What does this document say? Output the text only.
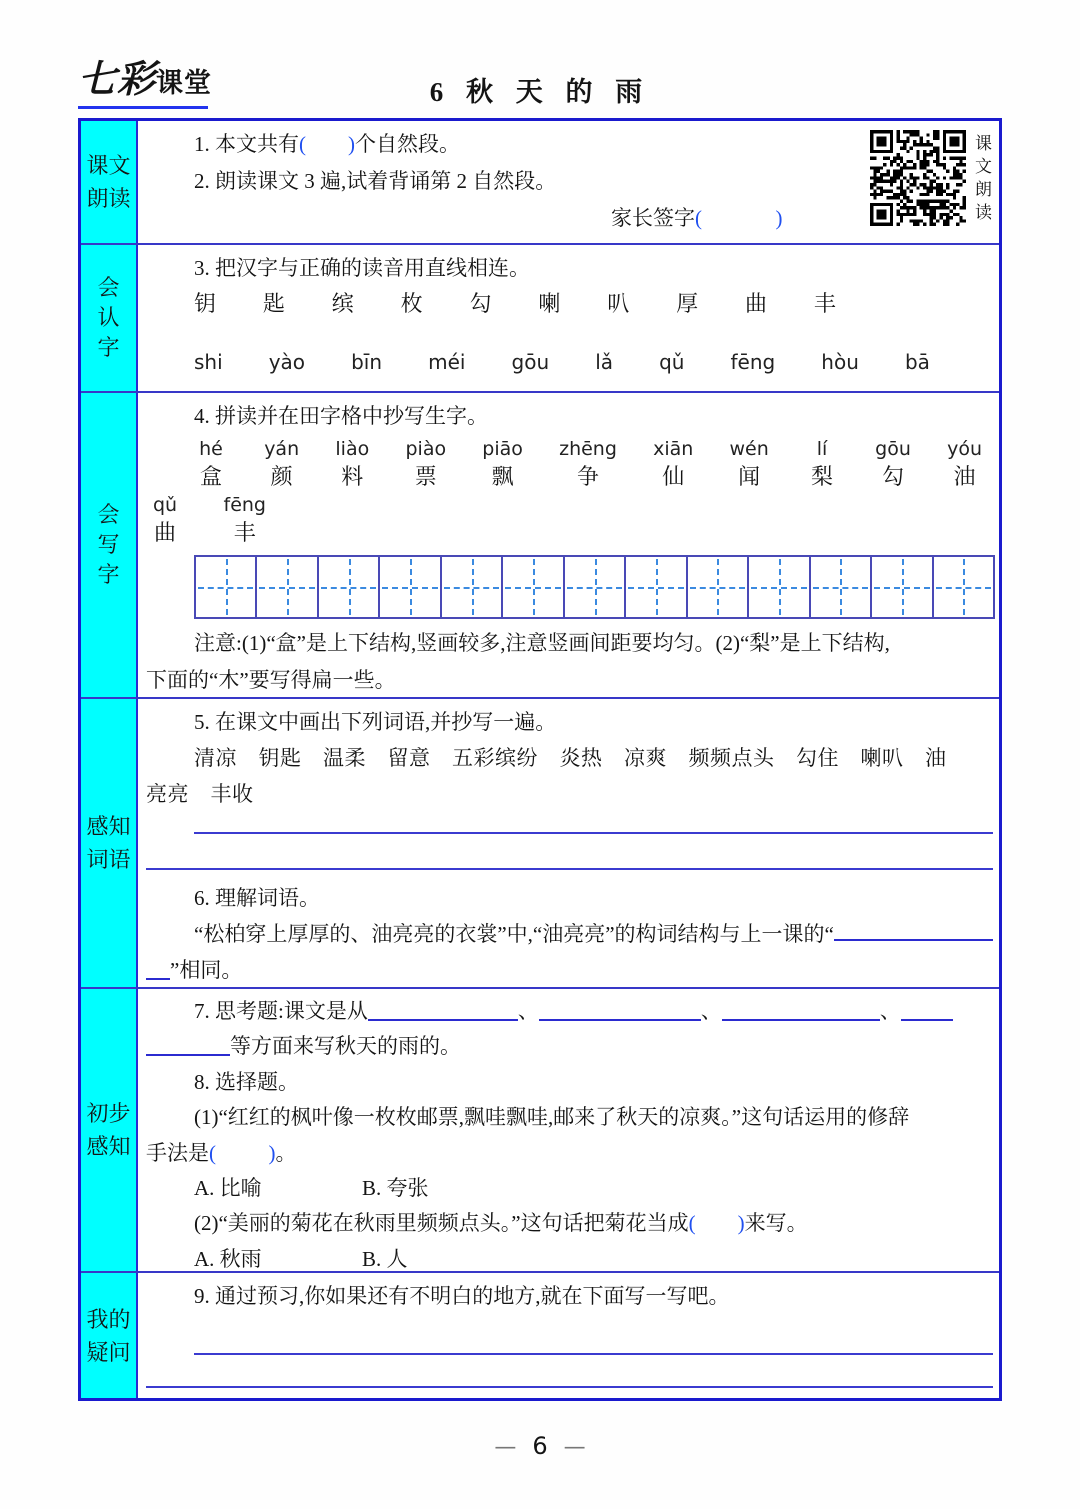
七彩 课堂	6 秋 天 的 雨
课文
朗读
1. 本文共有(        )个自然段。
2. 朗读课文 3 遍,试着背诵第 2 自然段。
家长签字(              )	课文朗读
会认字
3. 把汉字与正确的读音用直线相连。
钥 匙 缤 枚 勾 喇 叭 厚 曲 丰
shi yào bīn méi gōu lǎ qǔ fēng hòu bā
会写字
4. 拼读并在田字格中抄写生字。
hé
盒
yán
颜
liào
料
piào
票
piāo
飘
zhēng
争
xiān
仙
wén
闻
lí
梨
gōu
勾
yóu
油
qǔ
曲
fēng
丰
注意:(1)“盒”是上下结构,竖画较多,注意竖画间距要均匀。(2)“梨”是上下结构,
下面的“木”要写得扁一些。
感知
词语
5. 在课文中画出下列词语,并抄写一遍。
清凉　钥匙　温柔　留意　五彩缤纷　炎热　凉爽　频频点头　勾住　喇叭　油
亮亮　丰收
6. 理解词语。
“松柏穿上厚厚的、油亮亮的衣裳”中,“油亮亮”的构词结构与上一课的“
”相同。
初步
感知
7. 思考题:课文是从	、	、	、
等方面来写秋天的雨的。
8. 选择题。
(1)“红红的枫叶像一枚枚邮票,飘哇飘哇,邮来了秋天的凉爽。”这句话运用的修辞
手法是(          )。
A. 比喻	B. 夸张
(2)“美丽的菊花在秋雨里频频点头。”这句话把菊花当成(        )来写。
A. 秋雨	B. 人
我的
疑问
9. 通过预习,你如果还有不明白的地方,就在下面写一写吧。
— 6 —
